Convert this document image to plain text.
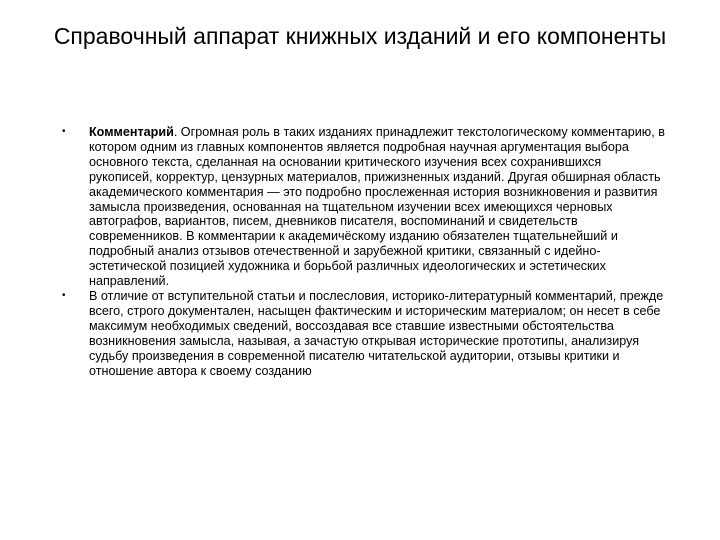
Справочный аппарат книжных изданий и его компоненты
• Комментарий. Огромная роль в таких изданиях принадлежит текстологическому комментарию, в котором одним из главных компонентов является подробная научная аргументация выбора основного текста, сделанная на основании критического изучения всех сохранившихся рукописей, корректур, цензурных материалов, прижизненных изданий. Другая обширная область академического комментария — это подробно прослеженная история возникновения и развития замысла произведения, основанная на тщательном изучении всех имеющихся черновых автографов, вариантов, писем, дневников писателя, воспоминаний и свидетельств современников. В комментарии к академичёскому изданию обязателен тщательнейший и подробный анализ отзывов отечественной и зарубежной критики, связанный с идейно-эстетической позицией художника и борьбой различных идеологических и эстетических направлений.
• В отличие от вступительной статьи и послесловия, историко-литературный комментарий, прежде всего, строго документален, насыщен фактическим и историческим материалом; он несет в себе максимум необходимых сведений, воссоздавая все ставшие известными обстоятельства возникновения замысла, называя, а зачастую открывая исторические прототипы, анализируя судьбу произведения в современной писателю читательской аудитории, отзывы критики и отношение автора к своему созданию
